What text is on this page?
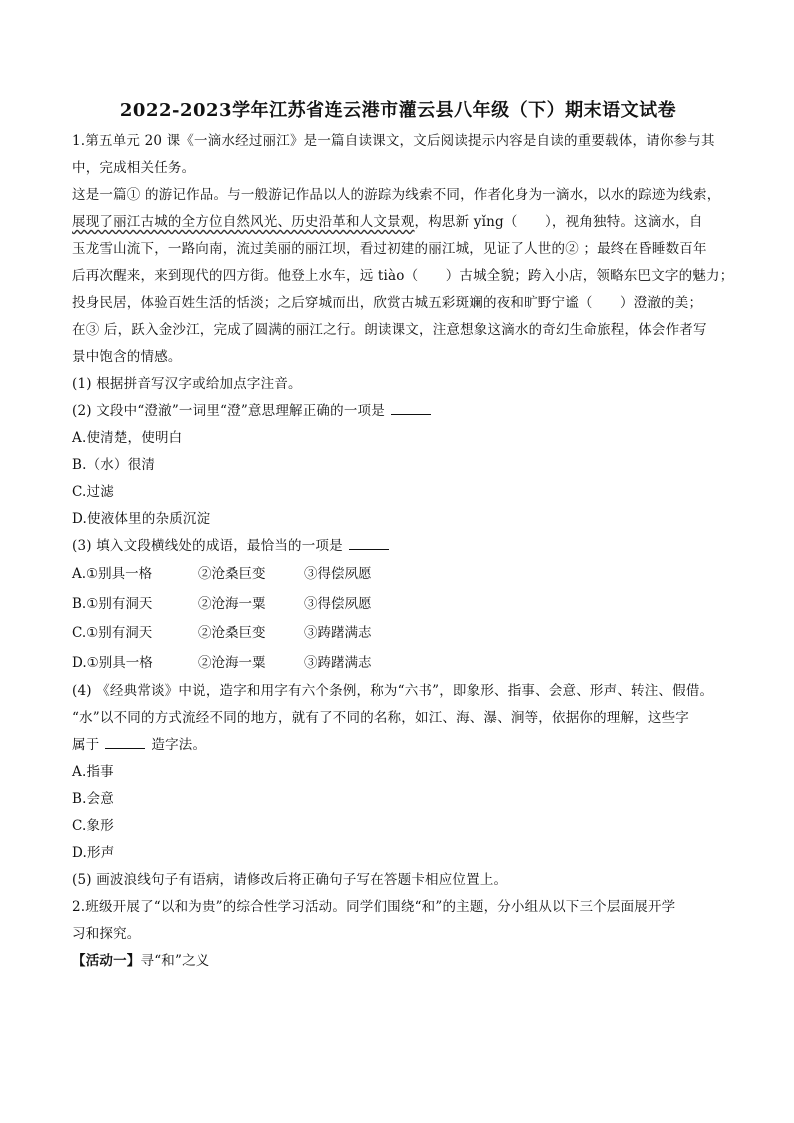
2022-2023学年江苏省连云港市灌云县八年级（下）期末语文试卷
1.第五单元 20 课《一滴水经过丽江》是一篇自读课文，文后阅读提示内容是自读的重要载体，请你参与其
中，完成相关任务。
这是一篇① 的游记作品。与一般游记作品以人的游踪为线索不同，作者化身为一滴水，以水的踪迹为线索，
展现了丽江古城的全方位自然风光、历史沿革和人文景观，构思新 yǐng（　　），视角独特。这滴水，自
玉龙雪山流下，一路向南，流过美丽的丽江坝，看过初建的丽江城，见证了人世的② ；最终在昏睡数百年
后再次醒来，来到现代的四方街。他登上水车，远 tiào（　　）古城全貌；跨入小店，领略东巴文字的魅力；
投身民居，体验百姓生活的恬淡；之后穿城而出，欣赏古城五彩斑斓的夜和旷野宁谧（　　）澄澈的美；
在③ 后，跃入金沙江，完成了圆满的丽江之行。朗读课文，注意想象这滴水的奇幻生命旅程，体会作者写
景中饱含的情感。
(1) 根据拼音写汉字或给加点字注音。
(2) 文段中“澄澈”一词里“澄”意思理解正确的一项是
A.使清楚，使明白
B.（水）很清
C.过滤
D.使液体里的杂质沉淀
(3) 填入文段横线处的成语，最恰当的一项是
A.①别具一格	②沧桑巨变	③得偿夙愿
B.①别有洞天	②沧海一粟	③得偿夙愿
C.①别有洞天	②沧桑巨变	③踌躇满志
D.①别具一格	②沧海一粟	③踌躇满志
(4) 《经典常谈》中说，造字和用字有六个条例，称为“六书”，即象形、指事、会意、形声、转注、假借。
“水”以不同的方式流经不同的地方，就有了不同的名称，如江、海、瀑、涧等，依据你的理解，这些字
属于	造字法。
A.指事
B.会意
C.象形
D.形声
(5) 画波浪线句子有语病，请修改后将正确句子写在答题卡相应位置上。
2.班级开展了“以和为贵”的综合性学习活动。同学们围绕“和”的主题，分小组从以下三个层面展开学
习和探究。
【活动一】寻“和”之义
